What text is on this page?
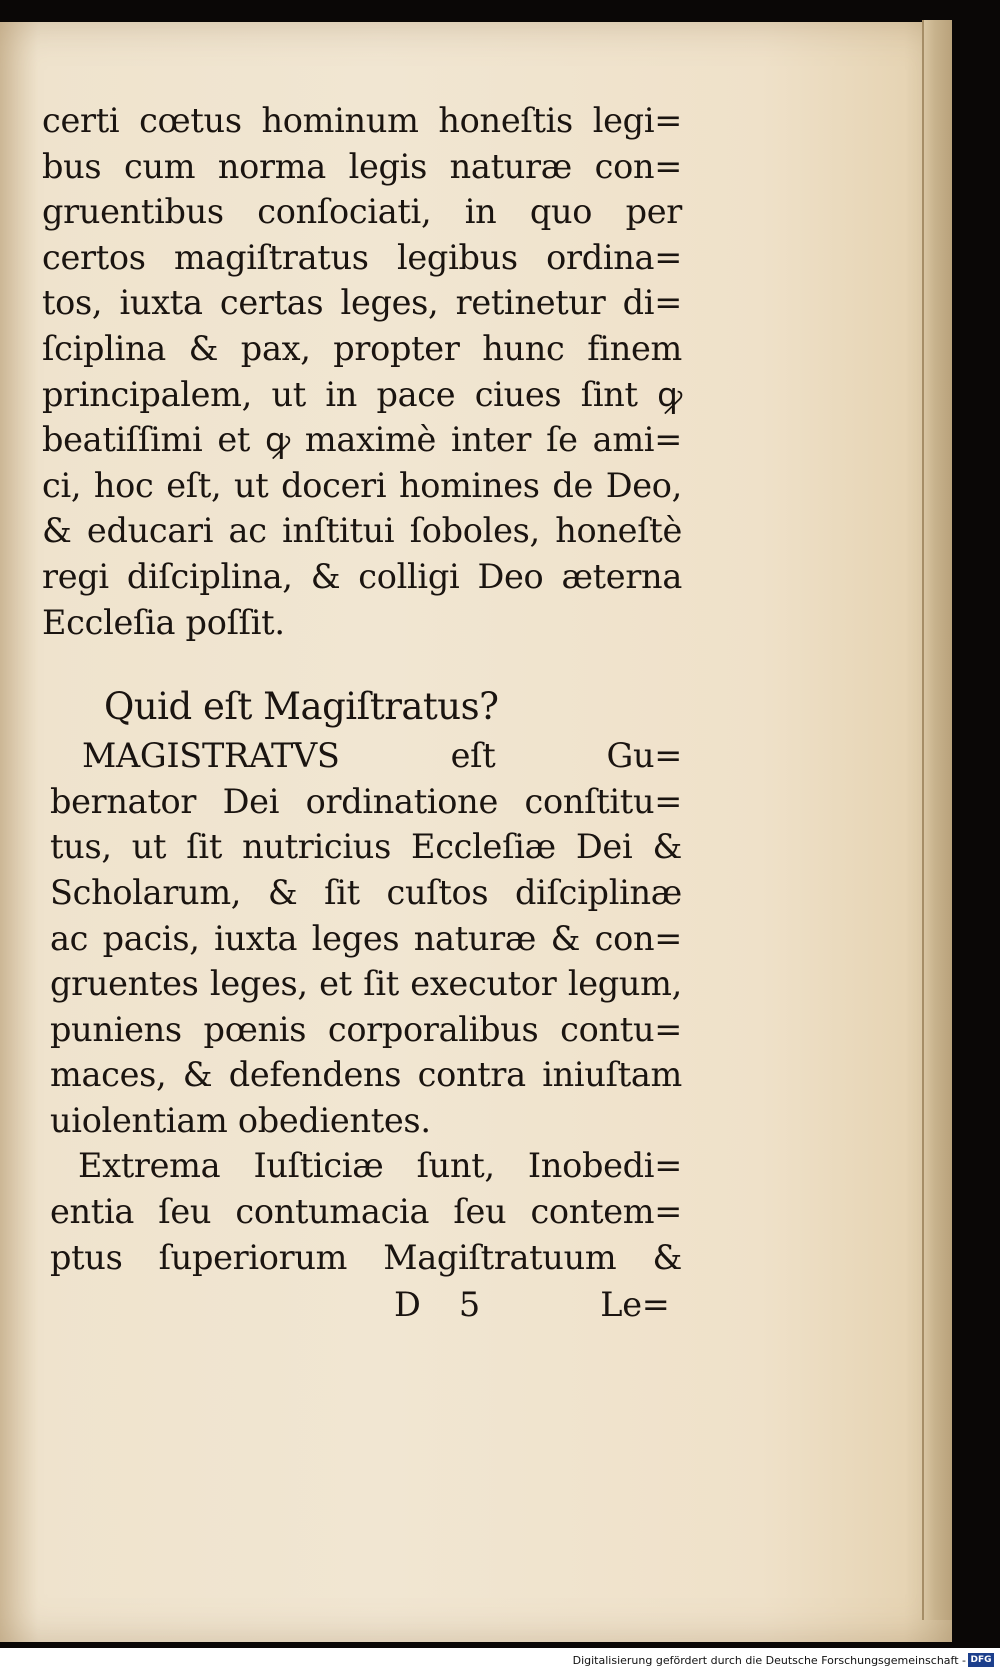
certi cœtus hominum honeſtis legi=
bus cum norma legis naturæ con=
gruentibus conſociati, in quo per
certos magiſtratus legibus ordina=
tos, iuxta certas leges, retinetur di=
ſciplina & pax, propter hunc finem
principalem, ut in pace ciues ſint ꝙ
beatiſſimi et ꝙ maximè inter ſe ami=
ci, hoc eſt, ut doceri homines de Deo,
& educari ac inſtitui ſoboles, honeſtè
regi diſciplina, & colligi Deo æterna
Eccleſia poſſit.
Quid eſt Magiſtratus?
MAGISTRATVS eſt Gu=
bernator Dei ordinatione conſtitu=
tus, ut ſit nutricius Eccleſiæ Dei &
Scholarum, & ſit cuſtos diſciplinæ
ac pacis, iuxta leges naturæ & con=
gruentes leges, et ſit executor legum,
puniens pœnis corporalibus contu=
maces, & defendens contra iniuſtam
uiolentiam obedientes.
Extrema Iuſticiæ ſunt, Inobedi=
entia ſeu contumacia ſeu contem=
ptus ſuperiorum Magiſtratuum &
D 5	Le=
Digitalisierung gefördert durch die Deutsche Forschungsgemeinschaft - DFG
